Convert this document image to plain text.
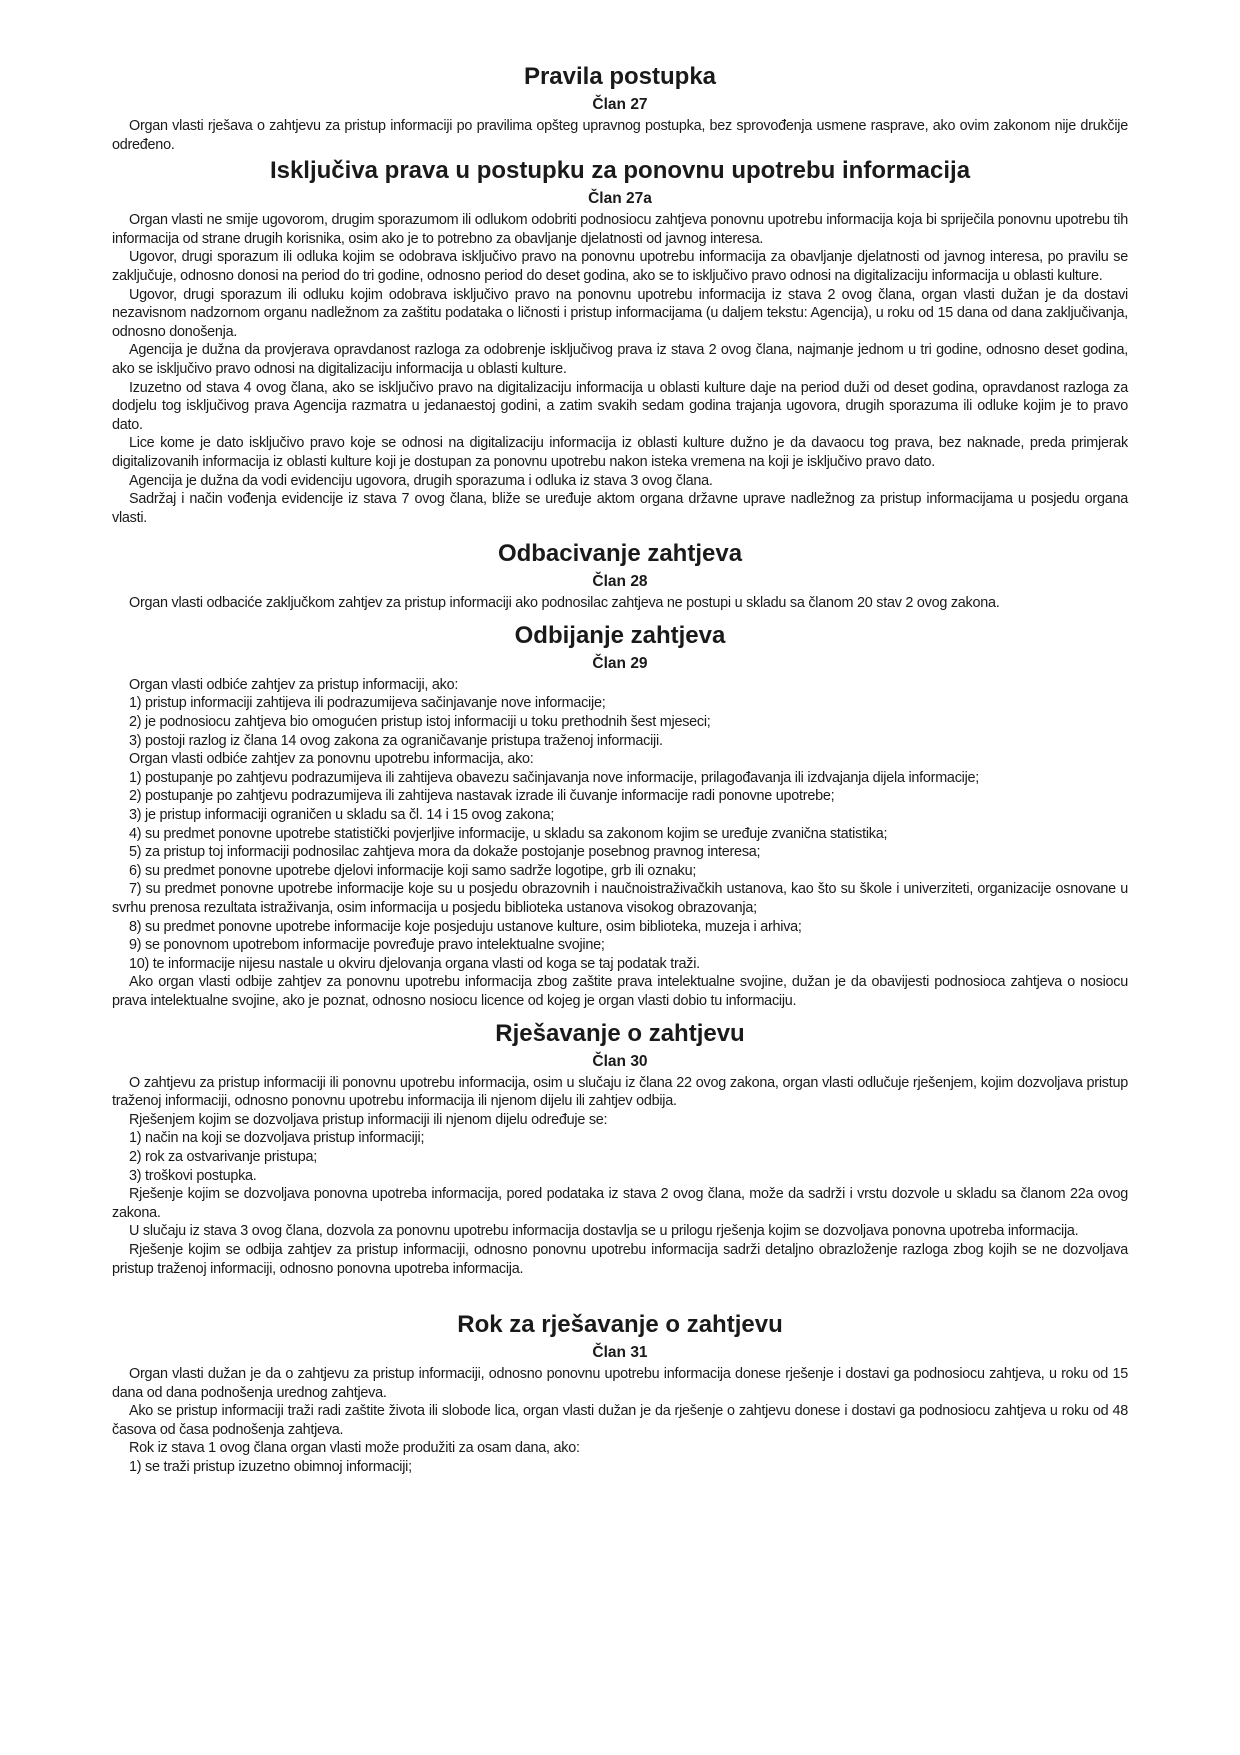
Pravila postupka
Član 27

Organ vlasti rješava o zahtjevu za pristup informaciji po pravilima opšteg upravnog postupka, bez sprovođenja usmene rasprave, ako ovim zakonom nije drukčije određeno.

Isključiva prava u postupku za ponovnu upotrebu informacija
Član 27a

Organ vlasti ne smije ugovorom, drugim sporazumom ili odlukom odobriti podnosiocu zahtjeva ponovnu upotrebu informacija koja bi spriječila ponovnu upotrebu tih informacija od strane drugih korisnika, osim ako je to potrebno za obavljanje djelatnosti od javnog interesa.

Ugovor, drugi sporazum ili odluka kojim se odobrava isključivo pravo na ponovnu upotrebu informacija za obavljanje djelatnosti od javnog interesa, po pravilu se zaključuje, odnosno donosi na period do tri godine, odnosno period do deset godina, ako se to isključivo pravo odnosi na digitalizaciju informacija u oblasti kulture.

Ugovor, drugi sporazum ili odluku kojim odobrava isključivo pravo na ponovnu upotrebu informacija iz stava 2 ovog člana, organ vlasti dužan je da dostavi nezavisnom nadzornom organu nadležnom za zaštitu podataka o ličnosti i pristup informacijama (u daljem tekstu: Agencija), u roku od 15 dana od dana zaključivanja, odnosno donošenja.

Agencija je dužna da provjerava opravdanost razloga za odobrenje isključivog prava iz stava 2 ovog člana, najmanje jednom u tri godine, odnosno deset godina, ako se isključivo pravo odnosi na digitalizaciju informacija u oblasti kulture.

Izuzetno od stava 4 ovog člana, ako se isključivo pravo na digitalizaciju informacija u oblasti kulture daje na period duži od deset godina, opravdanost razloga za dodjelu tog isključivog prava Agencija razmatra u jedanaestoj godini, a zatim svakih sedam godina trajanja ugovora, drugih sporazuma ili odluke kojim je to pravo dato.

Lice kome je dato isključivo pravo koje se odnosi na digitalizaciju informacija iz oblasti kulture dužno je da davaocu tog prava, bez naknade, preda primjerak digitalizovanih informacija iz oblasti kulture koji je dostupan za ponovnu upotrebu nakon isteka vremena na koji je isključivo pravo dato.

Agencija je dužna da vodi evidenciju ugovora, drugih sporazuma i odluka iz stava 3 ovog člana.

Sadržaj i način vođenja evidencije iz stava 7 ovog člana, bliže se uređuje aktom organa državne uprave nadležnog za pristup informacijama u posjedu organa vlasti.

Odbacivanje zahtjeva
Član 28

Organ vlasti odbaciće zaključkom zahtjev za pristup informaciji ako podnosilac zahtjeva ne postupi u skladu sa članom 20 stav 2 ovog zakona.

Odbijanje zahtjeva
Član 29

Organ vlasti odbiće zahtjev za pristup informaciji, ako:

1) pristup informaciji zahtijeva ili podrazumijeva sačinjavanje nove informacije;

2) je podnosiocu zahtjeva bio omogućen pristup istoj informaciji u toku prethodnih šest mjeseci;

3) postoji razlog iz člana 14 ovog zakona za ograničavanje pristupa traženoj informaciji.

Organ vlasti odbiće zahtjev za ponovnu upotrebu informacija, ako:

1) postupanje po zahtjevu podrazumijeva ili zahtijeva obavezu sačinjavanja nove informacije, prilagođavanja ili izdvajanja dijela informacije;

2) postupanje po zahtjevu podrazumijeva ili zahtijeva nastavak izrade ili čuvanje informacije radi ponovne upotrebe;

3) je pristup informaciji ograničen u skladu sa čl. 14 i 15 ovog zakona;

4) su predmet ponovne upotrebe statistički povjerljive informacije, u skladu sa zakonom kojim se uređuje zvanična statistika;

5) za pristup toj informaciji podnosilac zahtjeva mora da dokaže postojanje posebnog pravnog interesa;

6) su predmet ponovne upotrebe djelovi informacije koji samo sadrže logotipe, grb ili oznaku;

7) su predmet ponovne upotrebe informacije koje su u posjedu obrazovnih i naučnoistraživačkih ustanova, kao što su škole i univerziteti, organizacije osnovane u svrhu prenosa rezultata istraživanja, osim informacija u posjedu biblioteka ustanova visokog obrazovanja;

8) su predmet ponovne upotrebe informacije koje posjeduju ustanove kulture, osim biblioteka, muzeja i arhiva;

9) se ponovnom upotrebom informacije povređuje pravo intelektualne svojine;

10) te informacije nijesu nastale u okviru djelovanja organa vlasti od koga se taj podatak traži.

Ako organ vlasti odbije zahtjev za ponovnu upotrebu informacija zbog zaštite prava intelektualne svojine, dužan je da obavijesti podnosioca zahtjeva o nosiocu prava intelektualne svojine, ako je poznat, odnosno nosiocu licence od kojeg je organ vlasti dobio tu informaciju.

Rješavanje o zahtjevu
Član 30

O zahtjevu za pristup informaciji ili ponovnu upotrebu informacija, osim u slučaju iz člana 22 ovog zakona, organ vlasti odlučuje rješenjem, kojim dozvoljava pristup traženoj informaciji, odnosno ponovnu upotrebu informacija ili njenom dijelu ili zahtjev odbija.

Rješenjem kojim se dozvoljava pristup informaciji ili njenom dijelu određuje se:

1) način na koji se dozvoljava pristup informaciji;

2) rok za ostvarivanje pristupa;

3) troškovi postupka.

Rješenje kojim se dozvoljava ponovna upotreba informacija, pored podataka iz stava 2 ovog člana, može da sadrži i vrstu dozvole u skladu sa članom 22a ovog zakona.

U slučaju iz stava 3 ovog člana, dozvola za ponovnu upotrebu informacija dostavlja se u prilogu rješenja kojim se dozvoljava ponovna upotreba informacija.

Rješenje kojim se odbija zahtjev za pristup informaciji, odnosno ponovnu upotrebu informacija sadrži detaljno obrazloženje razloga zbog kojih se ne dozvoljava pristup traženoj informaciji, odnosno ponovna upotreba informacija.

Rok za rješavanje o zahtjevu
Član 31

Organ vlasti dužan je da o zahtjevu za pristup informaciji, odnosno ponovnu upotrebu informacija donese rješenje i dostavi ga podnosiocu zahtjeva, u roku od 15 dana od dana podnošenja urednog zahtjeva.

Ako se pristup informaciji traži radi zaštite života ili slobode lica, organ vlasti dužan je da rješenje o zahtjevu donese i dostavi ga podnosiocu zahtjeva u roku od 48 časova od časa podnošenja zahtjeva.

Rok iz stava 1 ovog člana organ vlasti može produžiti za osam dana, ako:

1) se traži pristup izuzetno obimnoj informaciji;
